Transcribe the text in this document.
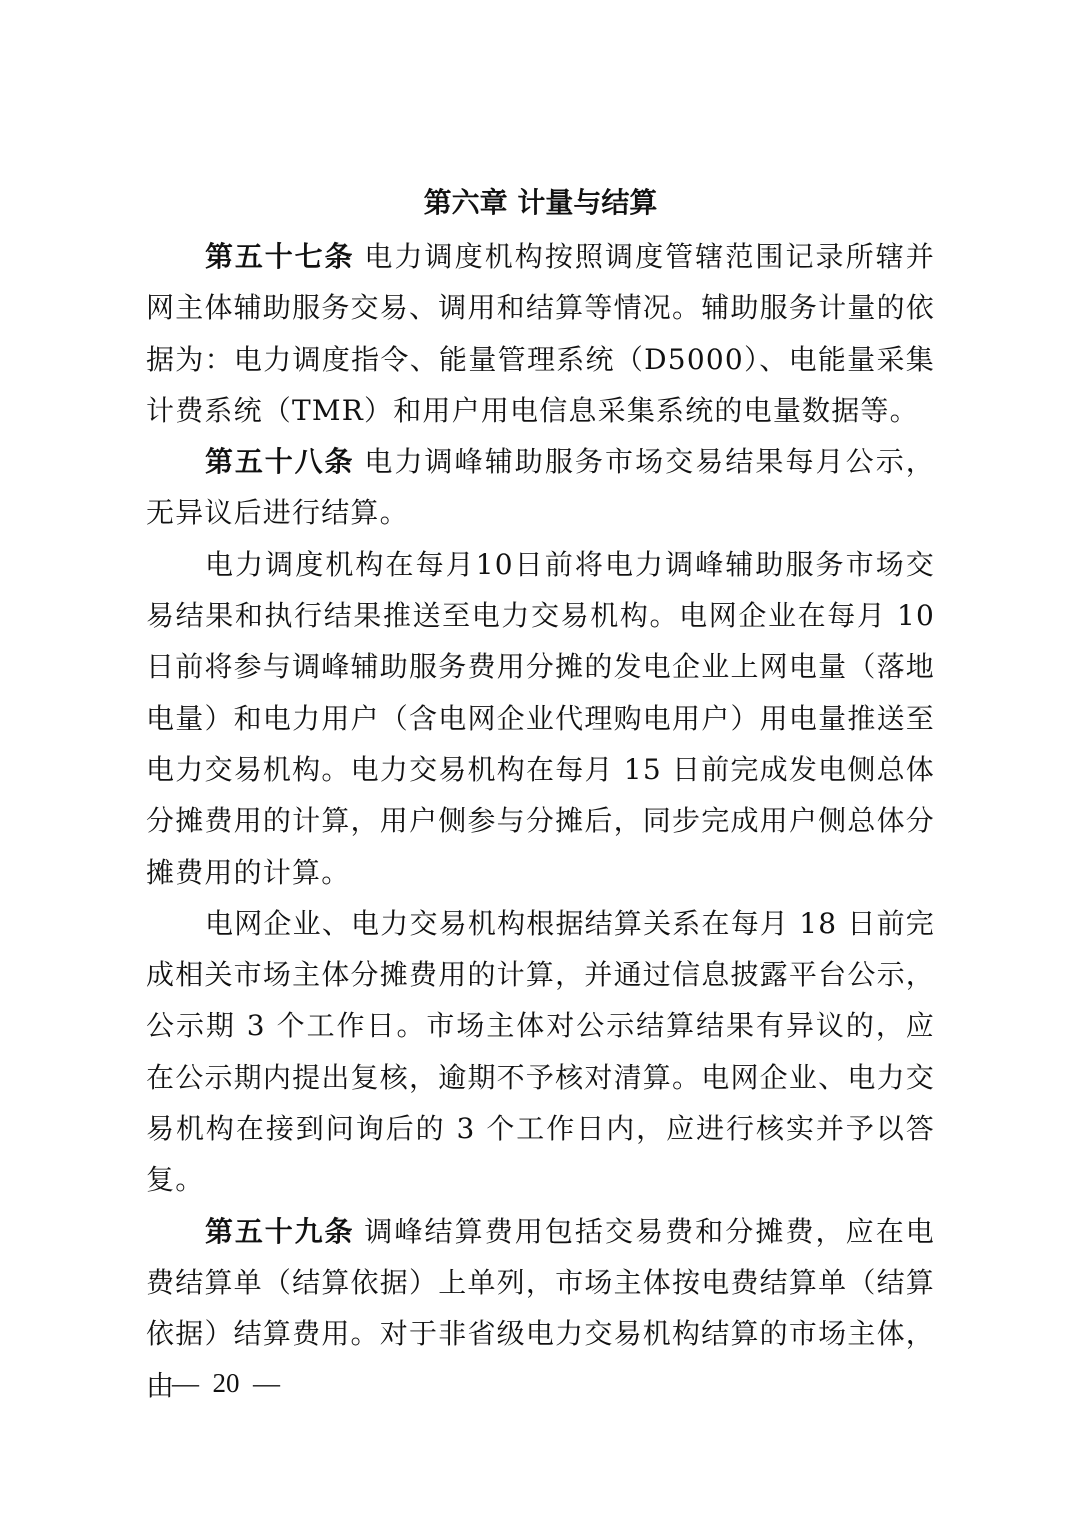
第六章 计量与结算

第五十七条 电力调度机构按照调度管辖范围记录所辖并网主体辅助服务交易、调用和结算等情况。辅助服务计量的依据为：电力调度指令、能量管理系统（D5000）、电能量采集计费系统（TMR）和用户用电信息采集系统的电量数据等。

第五十八条 电力调峰辅助服务市场交易结果每月公示，无异议后进行结算。

电力调度机构在每月10日前将电力调峰辅助服务市场交易结果和执行结果推送至电力交易机构。电网企业在每月 10 日前将参与调峰辅助服务费用分摊的发电企业上网电量（落地电量）和电力用户（含电网企业代理购电用户）用电量推送至电力交易机构。电力交易机构在每月 15 日前完成发电侧总体分摊费用的计算，用户侧参与分摊后，同步完成用户侧总体分摊费用的计算。

电网企业、电力交易机构根据结算关系在每月 18 日前完成相关市场主体分摊费用的计算，并通过信息披露平台公示，公示期 3 个工作日。市场主体对公示结算结果有异议的，应在公示期内提出复核，逾期不予核对清算。电网企业、电力交易机构在接到问询后的 3 个工作日内，应进行核实并予以答复。

第五十九条 调峰结算费用包括交易费和分摊费，应在电费结算单（结算依据）上单列，市场主体按电费结算单（结算依据）结算费用。对于非省级电力交易机构结算的市场主体，由

—  20  —
